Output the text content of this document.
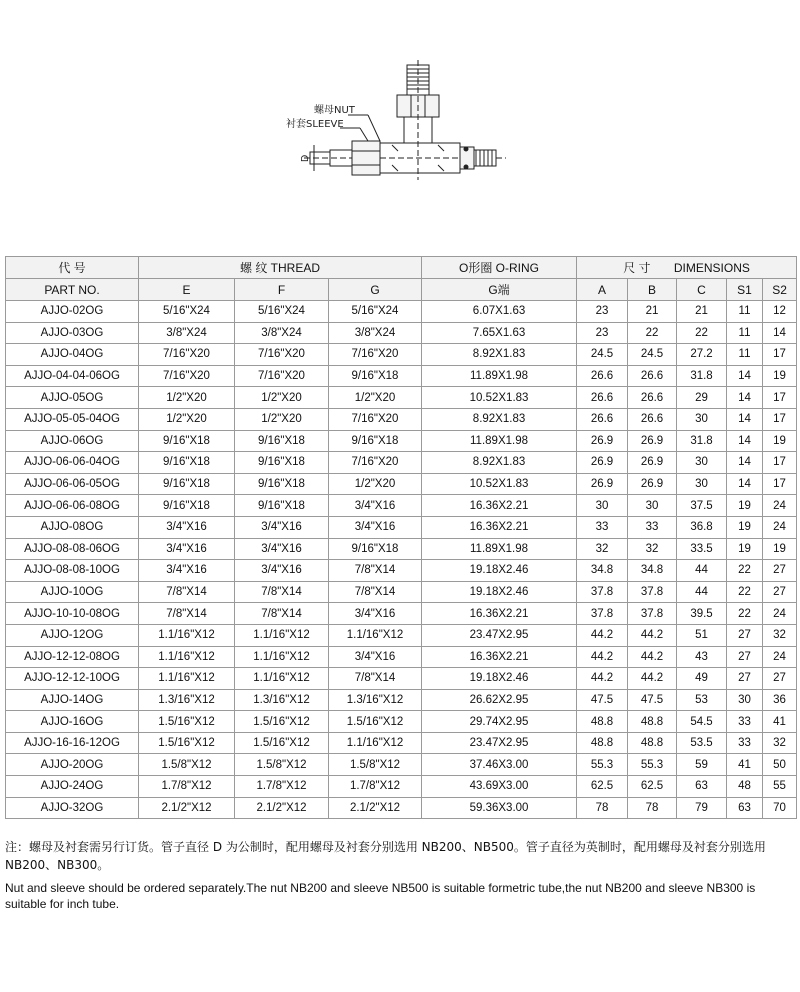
螺母NUT
衬套SLEEVE
D
代 号	螺 纹 THREAD			O形圈 O-RING	尺 寸 DIMENSIONS				
PART NO.	E	F	G	G端	A	B	C	S1	S2
AJJO-02OG	5/16"X24	5/16"X24	5/16"X24	6.07X1.63	23	21	21	11	12
AJJO-03OG	3/8"X24	3/8"X24	3/8"X24	7.65X1.63	23	22	22	11	14
AJJO-04OG	7/16"X20	7/16"X20	7/16"X20	8.92X1.83	24.5	24.5	27.2	11	17
AJJO-04-04-06OG	7/16"X20	7/16"X20	9/16"X18	11.89X1.98	26.6	26.6	31.8	14	19
AJJO-05OG	1/2"X20	1/2"X20	1/2"X20	10.52X1.83	26.6	26.6	29	14	17
AJJO-05-05-04OG	1/2"X20	1/2"X20	7/16"X20	8.92X1.83	26.6	26.6	30	14	17
AJJO-06OG	9/16"X18	9/16"X18	9/16"X18	11.89X1.98	26.9	26.9	31.8	14	19
AJJO-06-06-04OG	9/16"X18	9/16"X18	7/16"X20	8.92X1.83	26.9	26.9	30	14	17
AJJO-06-06-05OG	9/16"X18	9/16"X18	1/2"X20	10.52X1.83	26.9	26.9	30	14	17
AJJO-06-06-08OG	9/16"X18	9/16"X18	3/4"X16	16.36X2.21	30	30	37.5	19	24
AJJO-08OG	3/4"X16	3/4"X16	3/4"X16	16.36X2.21	33	33	36.8	19	24
AJJO-08-08-06OG	3/4"X16	3/4"X16	9/16"X18	11.89X1.98	32	32	33.5	19	19
AJJO-08-08-10OG	3/4"X16	3/4"X16	7/8"X14	19.18X2.46	34.8	34.8	44	22	27
AJJO-10OG	7/8"X14	7/8"X14	7/8"X14	19.18X2.46	37.8	37.8	44	22	27
AJJO-10-10-08OG	7/8"X14	7/8"X14	3/4"X16	16.36X2.21	37.8	37.8	39.5	22	24
AJJO-12OG	1.1/16"X12	1.1/16"X12	1.1/16"X12	23.47X2.95	44.2	44.2	51	27	32
AJJO-12-12-08OG	1.1/16"X12	1.1/16"X12	3/4"X16	16.36X2.21	44.2	44.2	43	27	24
AJJO-12-12-10OG	1.1/16"X12	1.1/16"X12	7/8"X14	19.18X2.46	44.2	44.2	49	27	27
AJJO-14OG	1.3/16"X12	1.3/16"X12	1.3/16"X12	26.62X2.95	47.5	47.5	53	30	36
AJJO-16OG	1.5/16"X12	1.5/16"X12	1.5/16"X12	29.74X2.95	48.8	48.8	54.5	33	41
AJJO-16-16-12OG	1.5/16"X12	1.5/16"X12	1.1/16"X12	23.47X2.95	48.8	48.8	53.5	33	32
AJJO-20OG	1.5/8"X12	1.5/8"X12	1.5/8"X12	37.46X3.00	55.3	55.3	59	41	50
AJJO-24OG	1.7/8"X12	1.7/8"X12	1.7/8"X12	43.69X3.00	62.5	62.5	63	48	55
AJJO-32OG	2.1/2"X12	2.1/2"X12	2.1/2"X12	59.36X3.00	78	78	79	63	70
注：螺母及衬套需另行订货。管子直径 D 为公制时，配用螺母及衬套分别选用 NB200、NB500。管子直径为英制时，配用螺母及衬套分别选用 NB200、NB300。
Nut and sleeve should be ordered separately.The nut NB200 and sleeve NB500 is suitable formetric tube,the nut NB200 and sleeve NB300 is suitable for inch tube.
